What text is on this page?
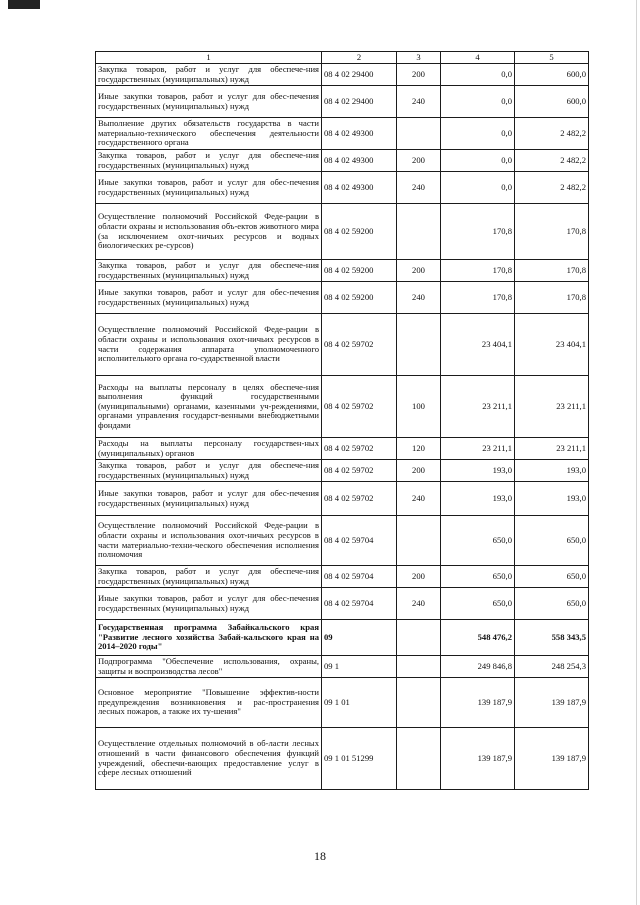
1	2	3	4	5
Закупка товаров, работ и услуг для обеспече-ния государственных (муниципальных) нужд	08 4 02 29400	200	0,0	600,0
Иные закупки товаров, работ и услуг для обес-печения государственных (муниципальных) нужд	08 4 02 29400	240	0,0	600,0
Выполнение других обязательств государства в части материально-технического обеспечения деятельности государственного органа	08 4 02 49300		0,0	2 482,2
Закупка товаров, работ и услуг для обеспече-ния государственных (муниципальных) нужд	08 4 02 49300	200	0,0	2 482,2
Иные закупки товаров, работ и услуг для обес-печения государственных (муниципальных) нужд	08 4 02 49300	240	0,0	2 482,2
Осуществление полномочий Российской Феде-рации в области охраны и использования объ-ектов животного мира (за исключением охот-ничьих ресурсов и водных биологических ре-сурсов)	08 4 02 59200		170,8	170,8
Закупка товаров, работ и услуг для обеспече-ния государственных (муниципальных) нужд	08 4 02 59200	200	170,8	170,8
Иные закупки товаров, работ и услуг для обес-печения государственных (муниципальных) нужд	08 4 02 59200	240	170,8	170,8
Осуществление полномочий Российской Феде-рации в области охраны и использования охот-ничьих ресурсов в части содержания аппарата уполномоченного исполнительного органа го-сударственной власти	08 4 02 59702		23 404,1	23 404,1
Расходы на выплаты персоналу в целях обеспече-ния выполнения функций государственными (муниципальными) органами, казенными уч-реждениями, органами управления государст-венными внебюджетными фондами	08 4 02 59702	100	23 211,1	23 211,1
Расходы на выплаты персоналу государствен-ных (муниципальных) органов	08 4 02 59702	120	23 211,1	23 211,1
Закупка товаров, работ и услуг для обеспече-ния государственных (муниципальных) нужд	08 4 02 59702	200	193,0	193,0
Иные закупки товаров, работ и услуг для обес-печения государственных (муниципальных) нужд	08 4 02 59702	240	193,0	193,0
Осуществление полномочий Российской Феде-рации в области охраны и использования охот-ничьих ресурсов в части материально-техни-ческого обеспечения исполнения полномочия	08 4 02 59704		650,0	650,0
Закупка товаров, работ и услуг для обеспече-ния государственных (муниципальных) нужд	08 4 02 59704	200	650,0	650,0
Иные закупки товаров, работ и услуг для обес-печения государственных (муниципальных) нужд	08 4 02 59704	240	650,0	650,0
Государственная программа Забайкальского края "Развитие лесного хозяйства Забай-кальского края на 2014–2020 годы"	09		548 476,2	558 343,5
Подпрограмма "Обеспечение использования, охраны, защиты и воспроизводства лесов"	09 1		249 846,8	248 254,3
Основное мероприятие "Повышение эффектив-ности предупреждения возникновения и рас-пространения лесных пожаров, а также их ту-шения"	09 1 01		139 187,9	139 187,9
Осуществление отдельных полномочий в об-ласти лесных отношений в части финансового обеспечения функций учреждений, обеспечи-вающих предоставление услуг в сфере лесных отношений	09 1 01 51299		139 187,9	139 187,9
18
